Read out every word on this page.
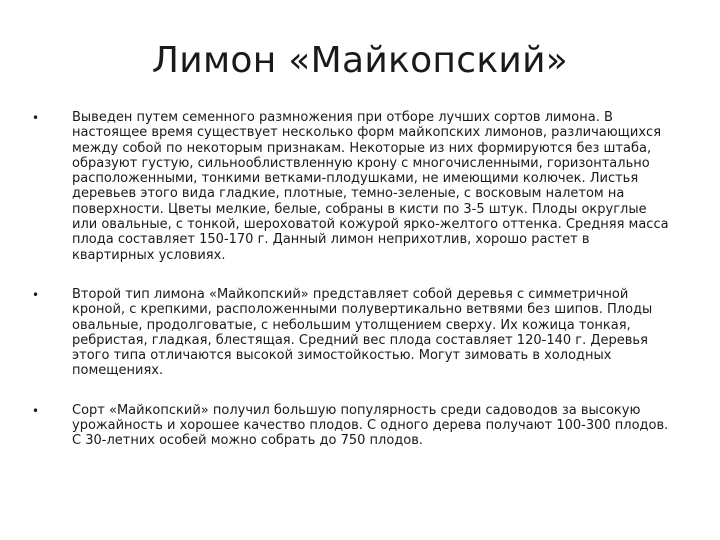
Лимон «Майкопский»
•	Выведен путем семенного размножения при отборе лучших сортов лимона. В настоящее время существует несколько форм майкопских лимонов, различающихся между собой по некоторым признакам. Некоторые из них формируются без штаба, образуют густую, сильнооблиствленную крону с многочисленными, горизонтально расположенными, тонкими ветками-плодушками, не имеющими колючек. Листья деревьев этого вида гладкие, плотные, темно-зеленые, с восковым налетом на поверхности. Цветы мелкие, белые, собраны в кисти по 3-5 штук. Плоды округлые или овальные, с тонкой, шероховатой кожурой ярко-желтого оттенка. Средняя масса плода составляет 150-170 г. Данный лимон неприхотлив, хорошо растет в квартирных условиях.
•	Второй тип лимона «Майкопский» представляет собой деревья с симметричной кроной, с крепкими, расположенными полувертикально ветвями без шипов. Плоды овальные, продолговатые, с небольшим утолщением сверху. Их кожица тонкая, ребристая, гладкая, блестящая. Средний вес плода составляет 120-140 г. Деревья этого типа отличаются высокой зимостойкостью. Могут зимовать в холодных помещениях.
•	Сорт «Майкопский» получил большую популярность среди садоводов за высокую урожайность и хорошее качество плодов. С одного дерева получают 100-300 плодов. С 30-летних особей можно собрать до 750 плодов.
